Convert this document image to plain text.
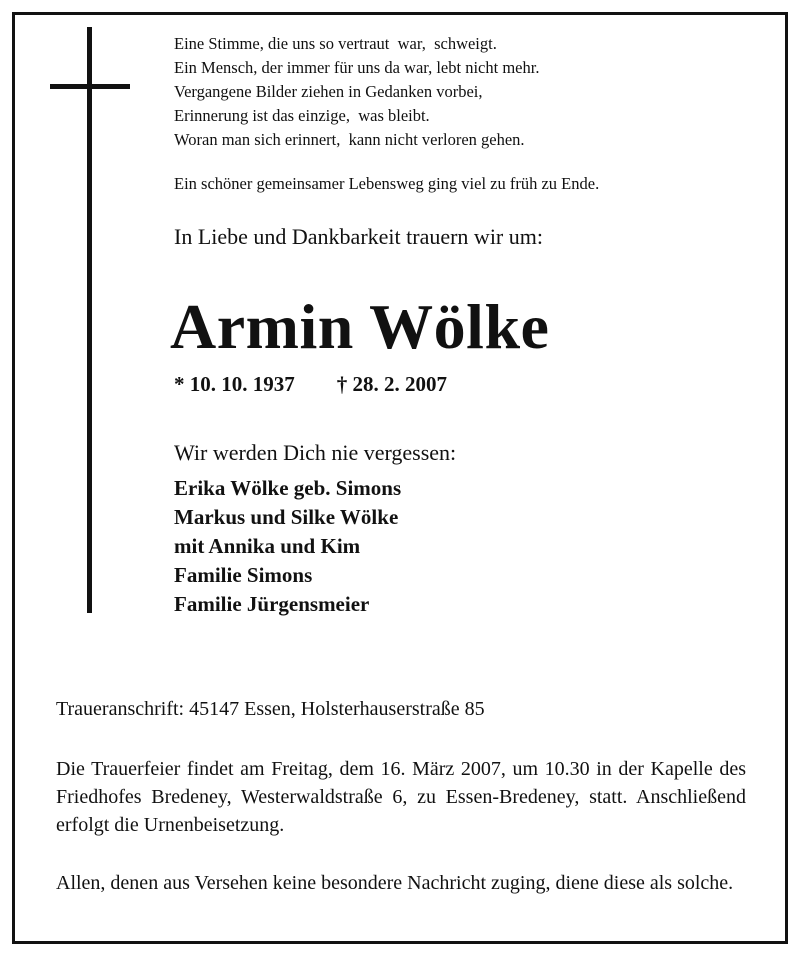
Eine Stimme, die uns so vertraut  war,  schweigt.
Ein Mensch, der immer für uns da war, lebt nicht mehr.
Vergangene Bilder ziehen in Gedanken vorbei,
Erinnerung ist das einzige,  was bleibt.
Woran man sich erinnert,  kann nicht verloren gehen.
Ein schöner gemeinsamer Lebensweg ging viel zu früh zu Ende.
In Liebe und Dankbarkeit trauern wir um:
Armin Wölke
* 10. 10. 1937 † 28. 2. 2007
Wir werden Dich nie vergessen:
Erika Wölke geb. Simons
Markus und Silke Wölke
mit Annika und Kim
Familie Simons
Familie Jürgensmeier
Traueranschrift: 45147 Essen, Holsterhauserstraße 85
Die Trauerfeier findet am Freitag, dem 16. März 2007, um 10.30 in der Kapelle des Friedhofes Bredeney, Westerwaldstraße 6, zu Essen-Bredeney, statt. Anschließend erfolgt die Urnenbeisetzung.
Allen, denen aus Versehen keine besondere Nachricht zuging, diene diese als solche.
